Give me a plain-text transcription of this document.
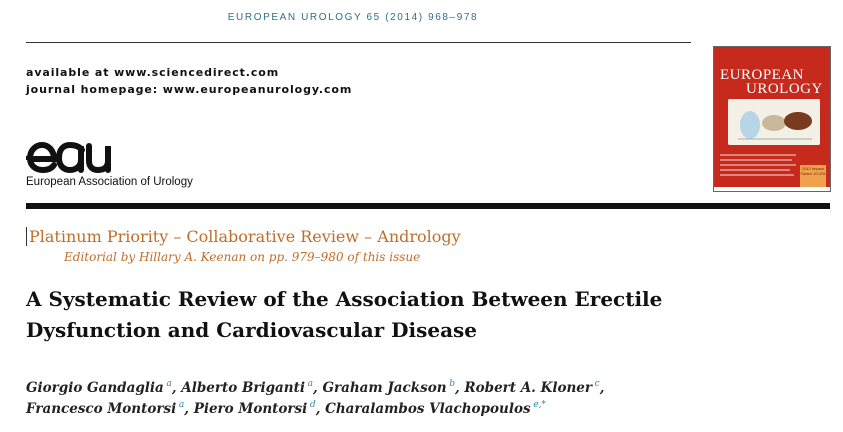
EUROPEAN UROLOGY 65 (2014) 968–978
available at www.sciencedirect.com
journal homepage: www.europeanurology.com
European Association of Urology
EUROPEAN
UROLOGY
2012 Impact Factor 10.476
Platinum Priority – Collaborative Review – Andrology
Editorial by Hillary A. Keenan on pp. 979–980 of this issue
A Systematic Review of the Association Between Erectile
Dysfunction and Cardiovascular Disease
Giorgio Gandaglia  $^a$, Alberto Briganti  $^a$, Graham Jackson  $^b$, Robert A. Kloner  $^c$,
Francesco Montorsi  $^a$, Piero Montorsi  $^d$, Charalambos Vlachopoulos  $^{e,*}$
